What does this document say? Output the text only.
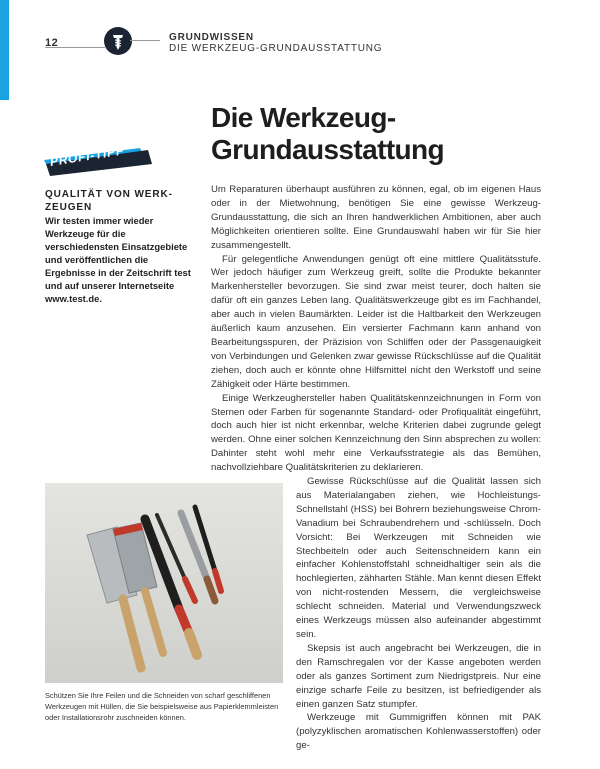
12	GRUNDWISSEN
DIE WERKZEUG-GRUNDAUSSTATTUNG
Die Werkzeug-
Grundausstattung
PROFI-TIPP
QUALITÄT VON WERK-ZEUGEN
Wir testen immer wieder Werkzeuge für die verschiedensten Einsatzgebiete und veröffentlichen die Ergebnisse in der Zeitschrift test und auf unserer Internetseite www.test.de.

Um Reparaturen überhaupt ausführen zu können, egal, ob im eigenen Haus oder in der Mietwohnung, benötigen Sie eine gewisse Werkzeug-Grundausstattung, die sich an Ihren handwerklichen Ambitionen, aber auch Möglichkeiten orientieren sollte. Eine Grundauswahl haben wir für Sie hier zusammengestellt.

Für gelegentliche Anwendungen genügt oft eine mittlere Qualitätsstufe. Wer jedoch häufiger zum Werkzeug greift, sollte die Produkte bekannter Markenhersteller bevorzugen. Sie sind zwar meist teurer, doch halten sie dafür oft ein ganzes Leben lang. Qualitätswerkzeuge gibt es im Fachhandel, aber auch in vielen Baumärkten. Leider ist die Haltbarkeit den Werkzeugen äußerlich kaum anzusehen. Ein versierter Fachmann kann anhand von Bearbeitungsspuren, der Präzision von Schliffen oder der Passgenauigkeit von Verbindungen und Gelenken zwar gewisse Rückschlüsse auf die Qualität ziehen, doch auch er könnte ohne Hilfsmittel nicht den Werkstoff und seine Zähigkeit oder Härte bestimmen.

Einige Werkzeughersteller haben Qualitätskennzeichnungen in Form von Sternen oder Farben für sogenannte Standard- oder Profiqualität eingeführt, doch auch hier ist nicht erkennbar, welche Kriterien dabei zugrunde gelegt werden. Ohne einer solchen Kennzeichnung den Sinn absprechen zu wollen: Dahinter steht wohl mehr eine Verkaufsstrategie als das Bemühen, nachvollziehbare Qualitätskriterien zu deklarieren.

Gewisse Rückschlüsse auf die Qualität lassen sich aus Materialangaben ziehen, wie Hochleistungs-Schnellstahl (HSS) bei Bohrern beziehungsweise Chrom-Vanadium bei Schraubendrehern und -schlüsseln. Doch Vorsicht: Bei Werkzeugen mit Schneiden wie Stechbeiteln oder auch Seitenschneidern kann ein einfacher Kohlenstoffstahl schneidhaltiger sein als die hochlegierten, zähharten Stähle. Man kennt diesen Effekt von nicht-rostenden Messern, die vergleichsweise schlecht schneiden. Material und Verwendungszweck eines Werkzeugs müssen also aufeinander abgestimmt sein.

Skepsis ist auch angebracht bei Werkzeugen, die in den Ramschregalen vor der Kasse angeboten werden oder als ganzes Sortiment zum Niedrigstpreis. Nur eine einzige scharfe Feile zu besitzen, ist befriedigender als einen ganzen Satz stumpfer.

Werkzeuge mit Gummigriffen können mit PAK (polyzyklischen aromatischen Kohlenwasserstoffen) oder ge-

Schützen Sie Ihre Feilen und die Schneiden von scharf geschliffenen Werkzeugen mit Hüllen, die Sie beispielsweise aus Papierklemmleisten oder Installationsrohr zuschneiden können.
